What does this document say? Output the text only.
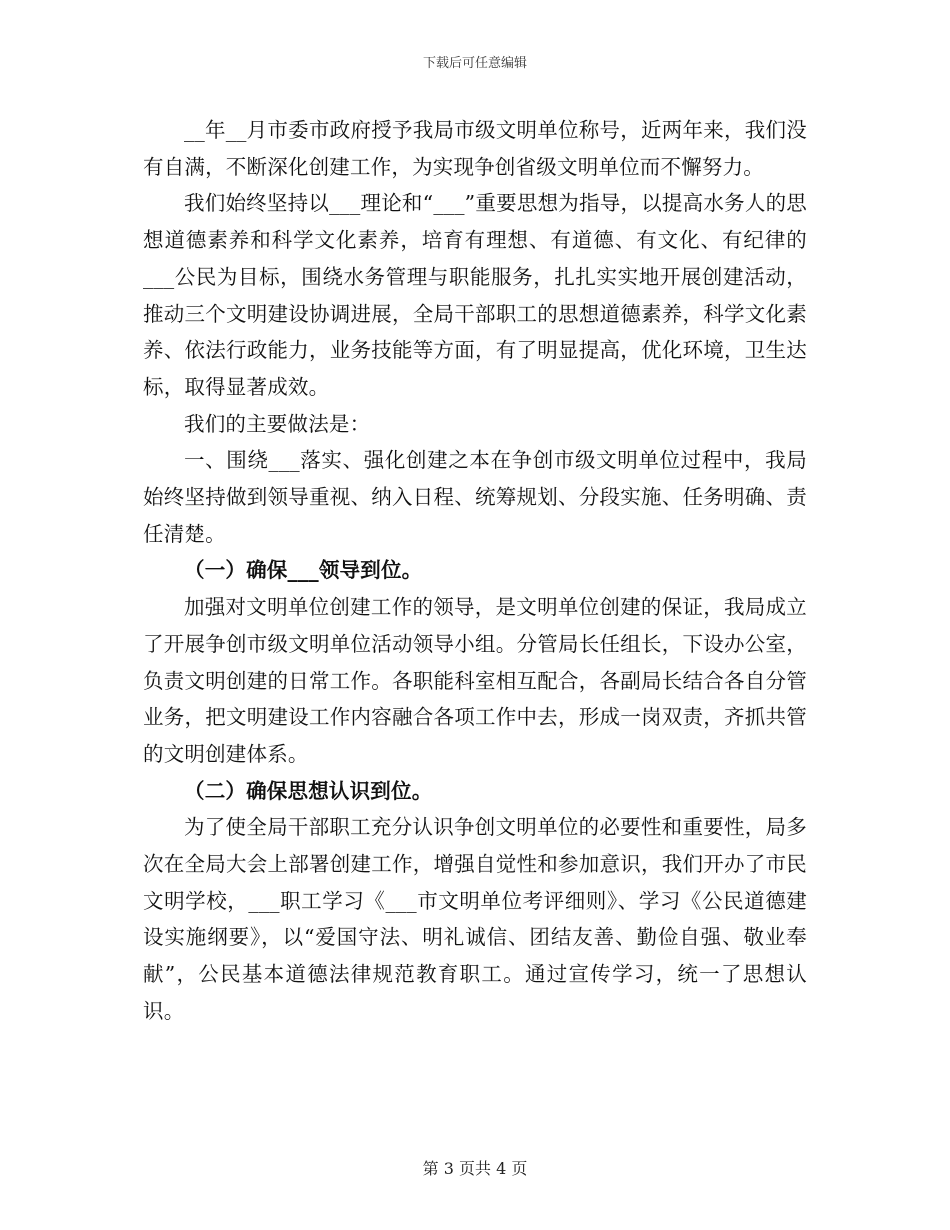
下载后可任意编辑

__年__月市委市政府授予我局市级文明单位称号，近两年来，我们没有自满，不断深化创建工作，为实现争创省级文明单位而不懈努力。

我们始终坚持以___理论和“___”重要思想为指导，以提高水务人的思想道德素养和科学文化素养，培育有理想、有道德、有文化、有纪律的___公民为目标，围绕水务管理与职能服务，扎扎实实地开展创建活动，推动三个文明建设协调进展，全局干部职工的思想道德素养，科学文化素养、依法行政能力，业务技能等方面，有了明显提高，优化环境，卫生达标，取得显著成效。

我们的主要做法是：

一、围绕___落实、强化创建之本在争创市级文明单位过程中，我局始终坚持做到领导重视、纳入日程、统筹规划、分段实施、任务明确、责任清楚。

（一）确保___领导到位。

加强对文明单位创建工作的领导，是文明单位创建的保证，我局成立了开展争创市级文明单位活动领导小组。分管局长任组长，下设办公室，负责文明创建的日常工作。各职能科室相互配合，各副局长结合各自分管业务，把文明建设工作内容融合各项工作中去，形成一岗双责，齐抓共管的文明创建体系。

（二）确保思想认识到位。

为了使全局干部职工充分认识争创文明单位的必要性和重要性，局多次在全局大会上部署创建工作，增强自觉性和参加意识，我们开办了市民文明学校，___职工学习《___市文明单位考评细则》、学习《公民道德建设实施纲要》，以“爱国守法、明礼诚信、团结友善、勤俭自强、敬业奉献”，公民基本道德法律规范教育职工。通过宣传学习，统一了思想认识。

第 3 页共 4 页
